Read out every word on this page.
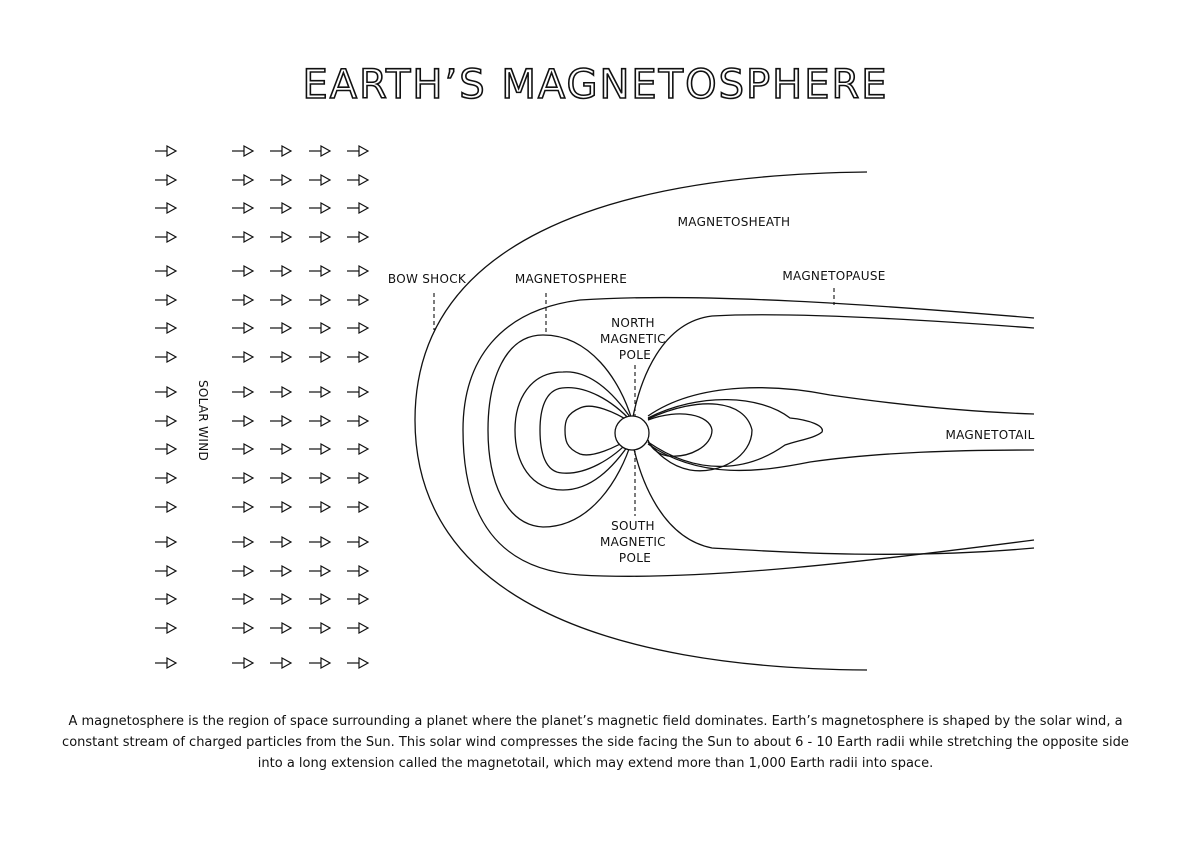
EARTH’S MAGNETOSPHERE
SOLAR WIND
BOW SHOCK	MAGNETOSPHERE
MAGNETOSHEATH
MAGNETOPAUSE
MAGNETOTAIL
NORTH MAGNETIC POLE
SOUTH MAGNETIC POLE
A magnetosphere is the region of space surrounding a planet where the planet’s magnetic field dominates. Earth’s magnetosphere is shaped by the solar wind, a constant stream of charged particles from the Sun. This solar wind compresses the side facing the Sun to about 6 - 10 Earth radii while stretching the opposite side into a long extension called the magnetotail, which may extend more than 1,000 Earth radii into space.
